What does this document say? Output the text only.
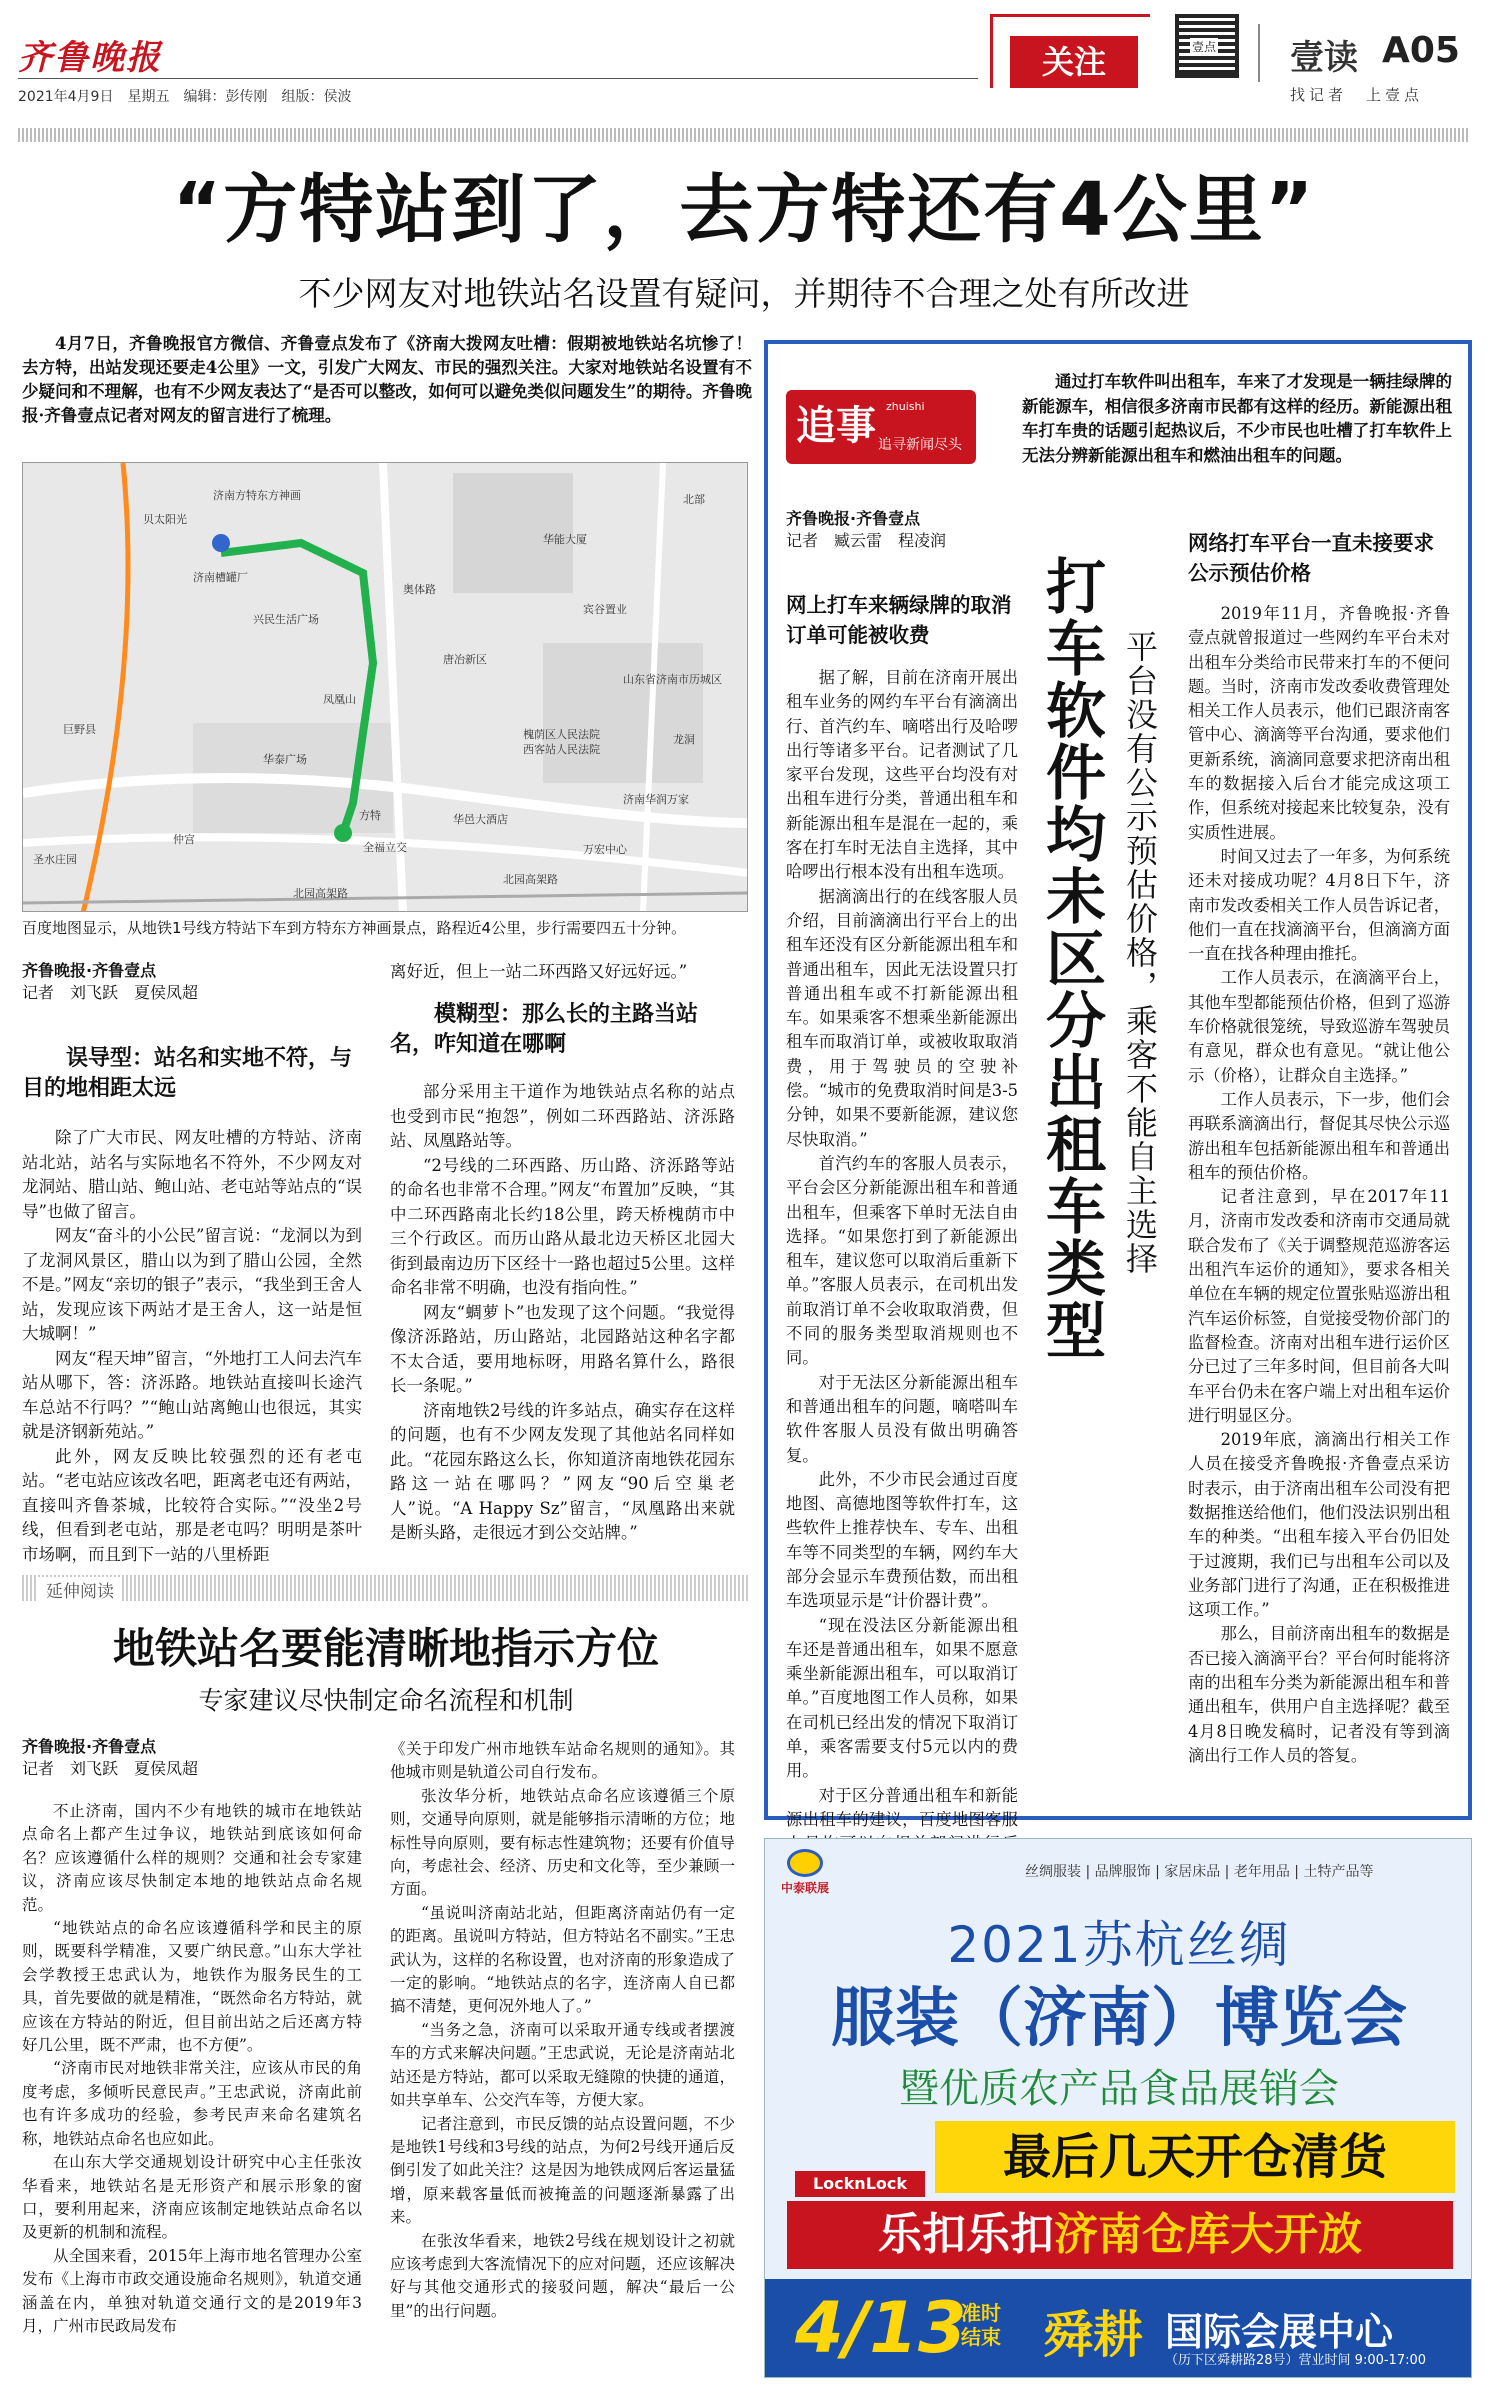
齐鲁晚报
2021年4月9日　星期五　编辑：彭传刚　组版：侯波
关注	壹点 壹读 A05
找记者　上壹点
“方特站到了，去方特还有4公里”
不少网友对地铁站名设置有疑问，并期待不合理之处有所改进

4月7日，齐鲁晚报官方微信、齐鲁壹点发布了《济南大拨网友吐槽：假期被地铁站名坑惨了！去方特，出站发现还要走4公里》一文，引发广大网友、市民的强烈关注。大家对地铁站名设置有不少疑问和不理解，也有不少网友表达了“是否可以整改，如何可以避免类似问题发生”的期待。齐鲁晚报·齐鲁壹点记者对网友的留言进行了梳理。

济南方特东方神画
济南槽罐厂
兴民生活广场
华能大厦
唐冶新区
北部
宾谷置业
槐荫区人民法院
西客站人民法院
山东省济南市历城区
巨野县
仲宫
龙洞
北园高架路
北园高架路
圣水庄园
全福立交
济南华润万家
华邑大酒店
凤凰山
奥体路
万宏中心
贝太阳光
华泰广场
方特
百度地图显示，从地铁1号线方特站下车到方特东方神画景点，路程近4公里，步行需要四五十分钟。
齐鲁晚报·齐鲁壹点
记者　刘飞跃　夏侯凤超
误导型：站名和实地不符，与目的地相距太远

除了广大市民、网友吐槽的方特站、济南站北站，站名与实际地名不符外，不少网友对龙洞站、腊山站、鲍山站、老屯站等站点的“误导”也做了留言。

网友“奋斗的小公民”留言说：“龙洞以为到了龙洞风景区，腊山以为到了腊山公园，全然不是。”网友“亲切的银子”表示，“我坐到王舍人站，发现应该下两站才是王舍人，这一站是恒大城啊！”

网友“程天坤”留言，“外地打工人问去汽车站从哪下，答：济泺路。地铁站直接叫长途汽车总站不行吗？”“鲍山站离鲍山也很远，其实就是济钢新苑站。”

此外，网友反映比较强烈的还有老屯站。“老屯站应该改名吧，距离老屯还有两站，直接叫齐鲁茶城，比较符合实际。”“没坐2号线，但看到老屯站，那是老屯吗？明明是茶叶市场啊，而且到下一站的八里桥距

离好近，但上一站二环西路又好远好远。”

模糊型：那么长的主路当站名，咋知道在哪啊

部分采用主干道作为地铁站点名称的站点也受到市民“抱怨”，例如二环西路站、济泺路站、凤凰路站等。

“2号线的二环西路、历山路、济泺路等站的命名也非常不合理。”网友“布置加”反映，“其中二环西路南北长约18公里，跨天桥槐荫市中三个行政区。而历山路从最北边天桥区北园大街到最南边历下区经十一路也超过5公里。这样命名非常不明确，也没有指向性。”

网友“蜩萝卜”也发现了这个问题。“我觉得像济泺路站，历山路站，北园路站这种名字都不太合适，要用地标呀，用路名算什么，路很长一条呢。”

济南地铁2号线的许多站点，确实存在这样的问题，也有不少网友发现了其他站名同样如此。“花园东路这么长，你知道济南地铁花园东路这一站在哪吗？”网友“90后空巢老人”说。“A Happy Sz”留言，“凤凰路出来就是断头路，走很远才到公交站牌。”

延伸阅读
地铁站名要能清晰地指示方位
专家建议尽快制定命名流程和机制
齐鲁晚报·齐鲁壹点
记者　刘飞跃　夏侯凤超

不止济南，国内不少有地铁的城市在地铁站点命名上都产生过争议，地铁站到底该如何命名？应该遵循什么样的规则？交通和社会专家建议，济南应该尽快制定本地的地铁站点命名规范。

“地铁站点的命名应该遵循科学和民主的原则，既要科学精准，又要广纳民意。”山东大学社会学教授王忠武认为，地铁作为服务民生的工具，首先要做的就是精准，“既然命名方特站，就应该在方特站的附近，但目前出站之后还离方特好几公里，既不严肃，也不方便”。

“济南市民对地铁非常关注，应该从市民的角度考虑，多倾听民意民声。”王忠武说，济南此前也有许多成功的经验，参考民声来命名建筑名称，地铁站点命名也应如此。

在山东大学交通规划设计研究中心主任张汝华看来，地铁站名是无形资产和展示形象的窗口，要利用起来，济南应该制定地铁站点命名以及更新的机制和流程。

从全国来看，2015年上海市地名管理办公室发布《上海市市政交通设施命名规则》，轨道交通涵盖在内，单独对轨道交通行文的是2019年3月，广州市民政局发布

《关于印发广州市地铁车站命名规则的通知》。其他城市则是轨道公司自行发布。

张汝华分析，地铁站点命名应该遵循三个原则，交通导向原则，就是能够指示清晰的方位；地标性导向原则，要有标志性建筑物；还要有价值导向，考虑社会、经济、历史和文化等，至少兼顾一方面。

“虽说叫济南站北站，但距离济南站仍有一定的距离。虽说叫方特站，但方特站名不副实。”王忠武认为，这样的名称设置，也对济南的形象造成了一定的影响。“地铁站点的名字，连济南人自已都搞不清楚，更何况外地人了。”

“当务之急，济南可以采取开通专线或者摆渡车的方式来解决问题。”王忠武说，无论是济南站北站还是方特站，都可以采取无缝隙的快捷的通道，如共享单车、公交汽车等，方便大家。

记者注意到，市民反馈的站点设置问题，不少是地铁1号线和3号线的站点，为何2号线开通后反倒引发了如此关注？这是因为地铁成网后客运量猛增，原来载客量低而被掩盖的问题逐渐暴露了出来。

在张汝华看来，地铁2号线在规划设计之初就应该考虑到大客流情况下的应对问题，还应该解决好与其他交通形式的接驳问题，解决“最后一公里”的出行问题。

追事 zhuishi
追寻新闻尽头

通过打车软件叫出租车，车来了才发现是一辆挂绿牌的新能源车，相信很多济南市民都有这样的经历。新能源出租车打车贵的话题引起热议后，不少市民也吐槽了打车软件上无法分辨新能源出租车和燃油出租车的问题。

齐鲁晚报·齐鲁壹点
记者　臧云雷　程凌润
打车软件均未区分出租车类型 平台没有公示预估价格，乘客不能自主选择
网上打车来辆绿牌的取消订单可能被收费

据了解，目前在济南开展出租车业务的网约车平台有滴滴出行、首汽约车、嘀嗒出行及哈啰出行等诸多平台。记者测试了几家平台发现，这些平台均没有对出租车进行分类，普通出租车和新能源出租车是混在一起的，乘客在打车时无法自主选择，其中哈啰出行根本没有出租车选项。

据滴滴出行的在线客服人员介绍，目前滴滴出行平台上的出租车还没有区分新能源出租车和普通出租车，因此无法设置只打普通出租车或不打新能源出租车。如果乘客不想乘坐新能源出租车而取消订单，或被收取取消费，用于驾驶员的空驶补偿。“城市的免费取消时间是3-5分钟，如果不要新能源，建议您尽快取消。”

首汽约车的客服人员表示，平台会区分新能源出租车和普通出租车，但乘客下单时无法自由选择。“如果您打到了新能源出租车，建议您可以取消后重新下单。”客服人员表示，在司机出发前取消订单不会收取取消费，但不同的服务类型取消规则也不同。

对于无法区分新能源出租车和普通出租车的问题，嘀嗒叫车软件客服人员没有做出明确答复。

此外，不少市民会通过百度地图、高德地图等软件打车，这些软件上推荐快车、专车、出租车等不同类型的车辆，网约车大部分会显示车费预估数，而出租车选项显示是“计价器计费”。

“现在没法区分新能源出租车还是普通出租车，如果不愿意乘坐新能源出租车，可以取消订单。”百度地图工作人员称，如果在司机已经出发的情况下取消订单，乘客需要支付5元以内的费用。

对于区分普通出租车和新能源出租车的建议，百度地图客服

网络打车平台一直未接要求公示预估价格

2019年11月，齐鲁晚报·齐鲁壹点就曾报道过一些网约车平台未对出租车分类给市民带来打车的不便问题。当时，济南市发改委收费管理处相关工作人员表示，他们已跟济南客管中心、滴滴等平台沟通，要求他们更新系统，滴滴同意要求把济南出租车的数据接入后台才能完成这项工作，但系统对接起来比较复杂，没有实质性进展。

时间又过去了一年多，为何系统还未对接成功呢？4月8日下午，济南市发改委相关工作人员告诉记者，他们一直在找滴滴平台，但滴滴方面一直在找各种理由推托。

工作人员表示，在滴滴平台上，其他车型都能预估价格，但到了巡游车价格就很笼统，导致巡游车驾驶员有意见，群众也有意见。“就让他公示（价格），让群众自主选择。”

工作人员表示，下一步，他们会再联系滴滴出行，督促其尽快公示巡游出租车包括新能源出租车和普通出租车的预估价格。

记者注意到，早在2017年11月，济南市发改委和济南市交通局就联合发布了《关于调整规范巡游客运出租汽车运价的通知》，要求各相关单位在车辆的规定位置张贴巡游出租汽车运价标签，自觉接受物价部门的监督检查。济南对出租车进行运价区分已过了三年多时间，但目前各大叫车平台仍未在客户端上对出租车运价进行明显区分。

2019年底，滴滴出行相关工作人员在接受齐鲁晚报·齐鲁壹点采访时表示，由于济南出租车公司没有把数据推送给他们，他们没法识别出租车的种类。“出租车接入平台仍旧处于过渡期，我们已与出租车公司以及业务部门进行了沟通，正在积极推进这项工作。”

那么，目前济南出租车的数据是否已接入滴滴平台？平台何时能将济南的出租车分类为新能源出租车和普通出租车，供用户自主选择呢？截至4月8日晚发稿时，记者没有等到滴滴出行工作人员的答复。

中泰联展
丝绸服装 | 品牌服饰 | 家居床品 | 老年用品 | 土特产品等
2021苏杭丝绸
服装（济南）博览会
暨优质农产品食品展销会
最后几天开仓清货
LocknLock
乐扣乐扣济南仓库大开放
4/13
准时
结束 舜耕 国际会展中心
（历下区舜耕路28号）营业时间 9:00-17:00
